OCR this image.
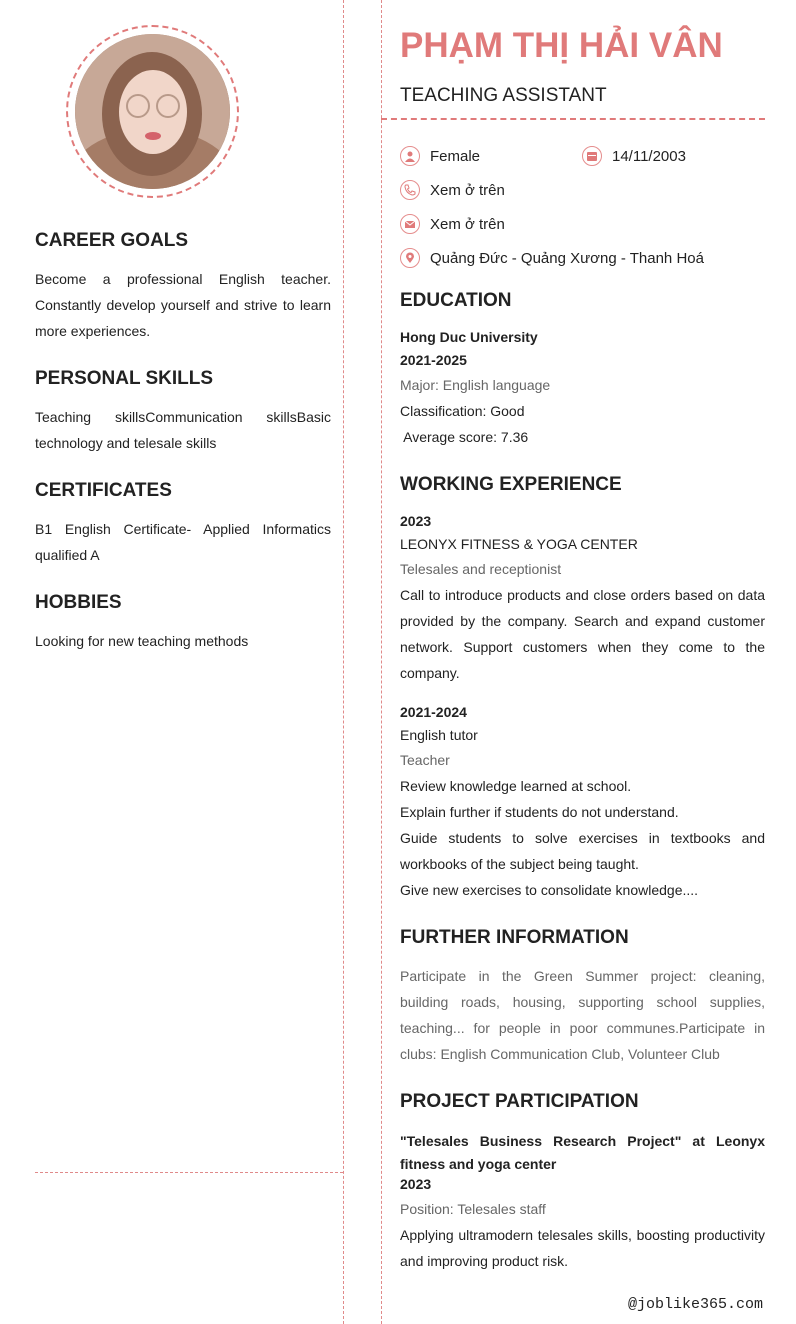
CAREER GOALS
Become a professional English teacher. Constantly develop yourself and strive to learn more experiences.
PERSONAL SKILLS
Teaching skillsCommunication skillsBasic technology and telesale skills
CERTIFICATES
B1 English Certificate- Applied Informatics qualified A
HOBBIES
Looking for new teaching methods
PHẠM THỊ HẢI VÂN
TEACHING ASSISTANT
Female	14/11/2003
Xem ở trên
Xem ở trên
Quảng Đức - Quảng Xương - Thanh Hoá
EDUCATION
Hong Duc University
2021-2025
Major: English language
Classification: Good
Average score: 7.36
WORKING EXPERIENCE
2023
LEONYX FITNESS & YOGA CENTER
Telesales and receptionist
Call to introduce products and close orders based on data provided by the company. Search and expand customer network. Support customers when they come to the company.
2021-2024
English tutor
Teacher
Review knowledge learned at school.
Explain further if students do not understand.
Guide students to solve exercises in textbooks and workbooks of the subject being taught.
Give new exercises to consolidate knowledge....
FURTHER INFORMATION
Participate in the Green Summer project: cleaning, building roads, housing, supporting school supplies, teaching... for people in poor communes.Participate in clubs: English Communication Club, Volunteer Club
PROJECT PARTICIPATION
"Telesales Business Research Project" at Leonyx fitness and yoga center
2023
Position: Telesales staff
Applying ultramodern telesales skills, boosting productivity and improving product risk.
@joblike365.com
